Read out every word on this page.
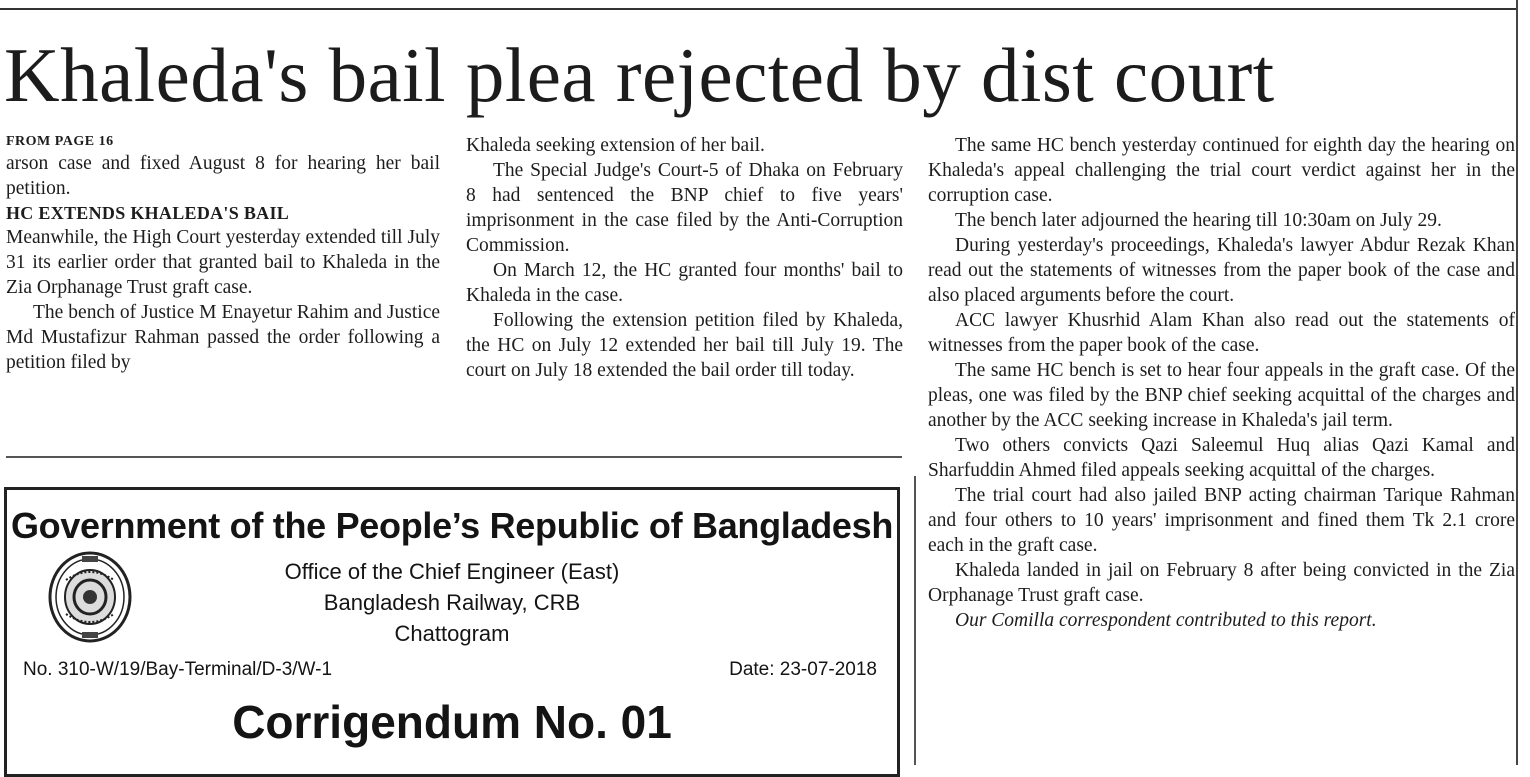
Khaleda's bail plea rejected by dist court

FROM PAGE 16

arson case and fixed August 8 for hearing her bail petition.

HC EXTENDS KHALEDA'S BAIL

Meanwhile, the High Court yesterday extended till July 31 its earlier order that granted bail to Khaleda in the Zia Orphanage Trust graft case.

The bench of Justice M Enayetur Rahim and Justice Md Mustafizur Rahman passed the order following a petition filed by

Khaleda seeking extension of her bail.

The Special Judge's Court-5 of Dhaka on February 8 had sentenced the BNP chief to five years' imprisonment in the case filed by the Anti-Corruption Commission.

On March 12, the HC granted four months' bail to Khaleda in the case.

Following the extension petition filed by Khaleda, the HC on July 12 extended her bail till July 19. The court on July 18 extended the bail order till today.

The same HC bench yesterday continued for eighth day the hearing on Khaleda's appeal challenging the trial court verdict against her in the corruption case.

The bench later adjourned the hearing till 10:30am on July 29.

During yesterday's proceedings, Khaleda's lawyer Abdur Rezak Khan read out the statements of witnesses from the paper book of the case and also placed arguments before the court.

ACC lawyer Khusrhid Alam Khan also read out the statements of witnesses from the paper book of the case.

The same HC bench is set to hear four appeals in the graft case. Of the pleas, one was filed by the BNP chief seeking acquittal of the charges and another by the ACC seeking increase in Khaleda's jail term.

Two others convicts Qazi Saleemul Huq alias Qazi Kamal and Sharfuddin Ahmed filed appeals seeking acquittal of the charges.

The trial court had also jailed BNP acting chairman Tarique Rahman and four others to 10 years' imprisonment and fined them Tk 2.1 crore each in the graft case.

Khaleda landed in jail on February 8 after being convicted in the Zia Orphanage Trust graft case.

Our Comilla correspondent contributed to this report.

Government of the People’s Republic of Bangladesh
Office of the Chief Engineer (East)
Bangladesh Railway, CRB
Chattogram
No. 310-W/19/Bay-Terminal/D-3/W-1	Date: 23-07-2018
Corrigendum No. 01
